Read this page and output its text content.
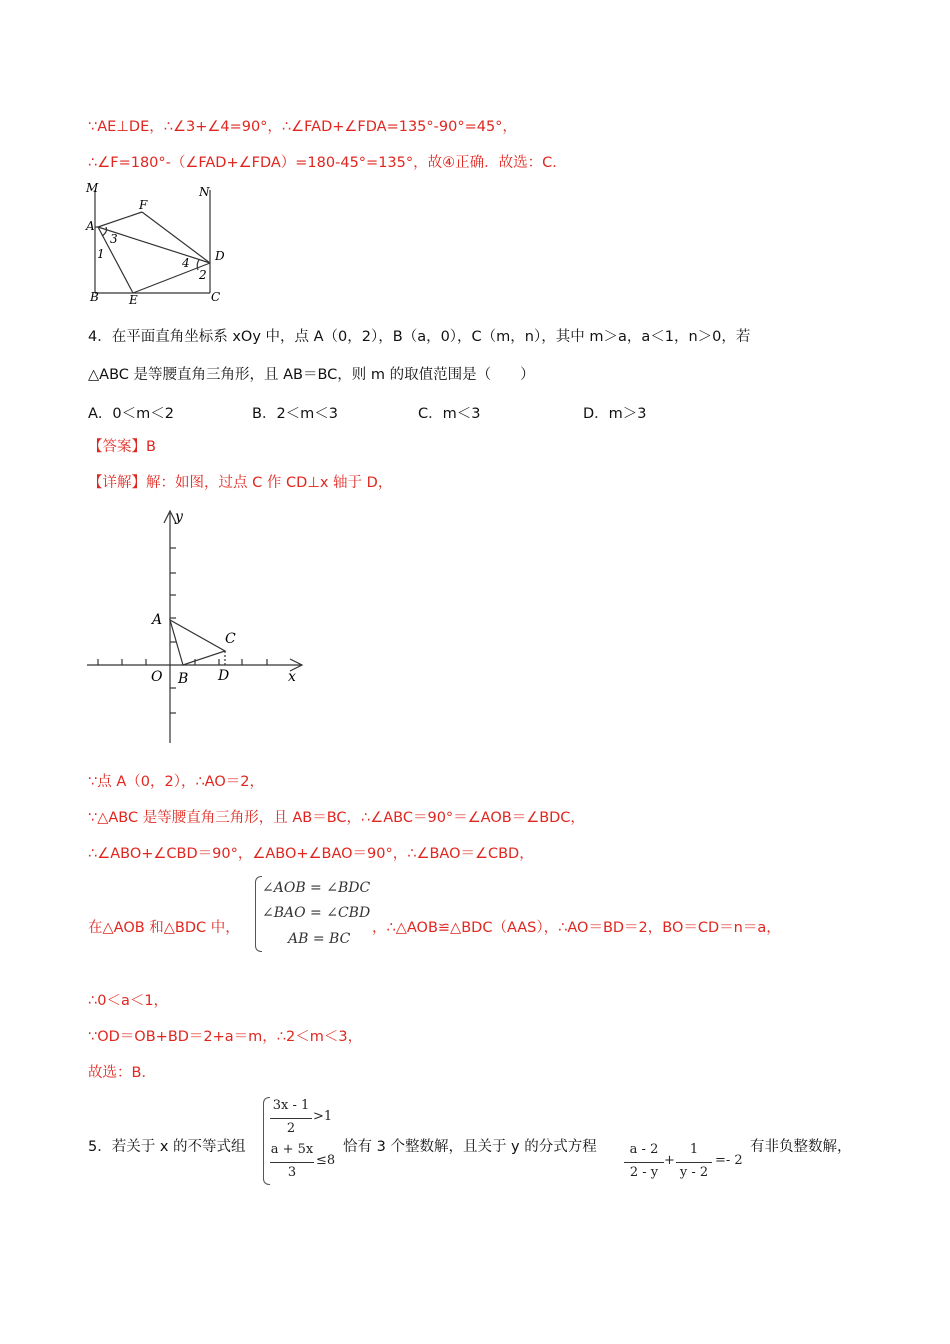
∵AE⊥DE，∴∠3+∠4=90°，∴∠FAD+∠FDA=135°-90°=45°，
∴∠F=180°-（∠FAD+∠FDA）=180-45°=135°，故④正确．故选：C．
M	N
F
A
3
1
4 D
2
B	E	C
4．在平面直角坐标系 xOy 中，点 A（0，2），B（a，0），C（m，n），其中 m＞a，a＜1，n＞0，若
△ABC 是等腰直角三角形，且 AB＝BC，则 m 的取值范围是（　　）
A．0＜m＜2	B．2＜m＜3	C．m＜3	D．m＞3
【答案】B
【详解】解：如图，过点 C 作 CD⊥x 轴于 D，
y
A
C
O B D	x
∵点 A（0，2），∴AO＝2，
∵△ABC 是等腰直角三角形，且 AB＝BC，∴∠ABC＝90°＝∠AOB＝∠BDC，
∴∠ABO+∠CBD＝90°，∠ABO+∠BAO＝90°，∴∠BAO＝∠CBD，
在△AOB 和△BDC 中，
∠AOB = ∠BDC
∠BAO = ∠CBD
AB = BC
，∴△AOB≌△BDC（AAS），∴AO＝BD＝2，BO＝CD＝n＝a，
∴0＜a＜1，
∵OD＝OB+BD＝2+a＝m，∴2＜m＜3，
故选：B．
5．若关于 x 的不等式组
3x - 1
2
>1
a + 5x
3
≤8
恰有 3 个整数解，且关于 y 的分式方程	a - 2
2 - y
+
1
y - 2
=- 2
有非负整数解，
